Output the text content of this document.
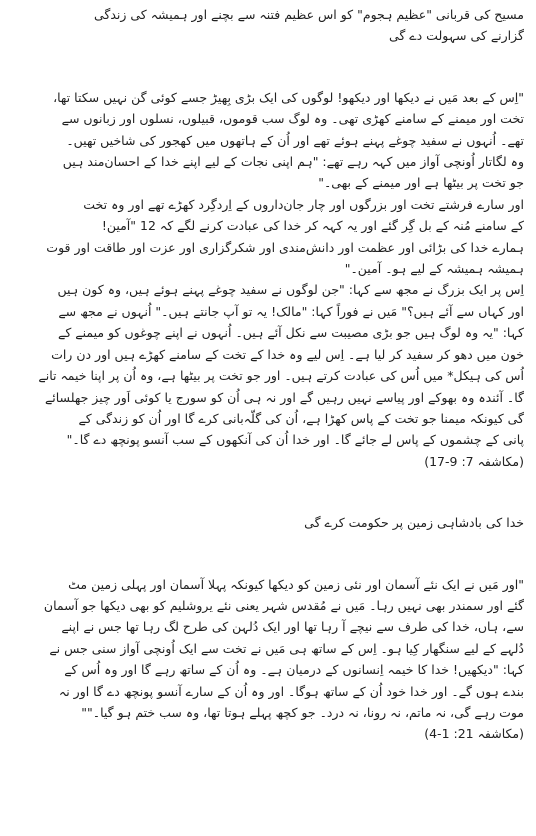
مسیح کی قربانی "عظیم ہجوم" کو اس عظیم فتنہ سے بچنے اور ہمیشہ کی زندگی
گزارنے کی سہولت دے گی
"اِس کے بعد مَیں نے دیکھا اور دیکھو! لوگوں کی ایک بڑی بِھیڑ جسے کوئی گن نہیں سکتا تھا،
تخت اور میمنے کے سامنے کھڑی تھی۔ وہ لوگ سب قوموں، قبیلوں، نسلوں اور زبانوں سے
تھے۔ اُنہوں نے سفید چوغے پہنے ہوئے تھے اور اُن کے ہاتھوں میں کھجور کی شاخیں تھیں۔
وہ لگاتار اُونچی آواز میں کہہ رہے تھے: "ہم اپنی نجات کے لیے اپنے خدا کے احسان‌مند ہیں
جو تخت پر بیٹھا ہے اور میمنے کے بھی۔"
اور سارے فرشتے تخت اور بزرگوں اور چار جان‌داروں کے اِردگِرد کھڑے تھے اور وہ تخت
کے سامنے مُنہ کے بل گِر گئے اور یہ کہہ کر خدا کی عبادت کرنے لگے کہ 12 "آمین!
ہمارے خدا کی بڑائی اور عظمت اور دانش‌مندی اور شکرگزاری اور عزت اور طاقت اور قوت
ہمیشہ ہمیشہ کے لیے ہو۔ آمین۔"
اِس پر ایک بزرگ نے مجھ سے کہا: "جن لوگوں نے سفید چوغے پہنے ہوئے ہیں، وہ کون ہیں
اور کہاں سے آئے ہیں؟" مَیں نے فوراً کہا: "مالک! یہ تو آپ جانتے ہیں۔" اُنہوں نے مجھ سے
کہا: "یہ وہ لوگ ہیں جو بڑی مصیبت سے نکل آئے ہیں۔ اُنہوں نے اپنے چوغوں کو میمنے کے
خون میں دھو کر سفید کر لیا ہے۔ اِس لیے وہ خدا کے تخت کے سامنے کھڑے ہیں اور دن رات
اُس کی ہیکل* میں اُس کی عبادت کرتے ہیں۔ اور جو تخت پر بیٹھا ہے، وہ اُن پر اپنا خیمہ تانے
گا۔ آئندہ وہ بھوکے اور پیاسے نہیں رہیں گے اور نہ ہی اُن کو سورج یا کوئی اَور چیز جھلسائے
گی کیونکہ میمنا جو تخت کے پاس کھڑا ہے، اُن کی گلّہ‌بانی کرے گا اور اُن کو زندگی کے
پانی کے چشموں کے پاس لے جائے گا۔ اور خدا اُن کی آنکھوں کے سب آنسو پونچھ دے گا۔"
(مکاشفہ 7: 9-17)
خدا کی بادشاہی زمین پر حکومت کرے گی
"اور مَیں نے ایک نئے آسمان اور نئی زمین کو دیکھا کیونکہ پہلا آسمان اور پہلی زمین مٹ
گئے اور سمندر بھی نہیں رہا۔ مَیں نے مُقدس شہر یعنی نئے یروشلیم کو بھی دیکھا جو آسمان
سے، ہاں، خدا کی طرف سے نیچے آ رہا تھا اور ایک دُلہن کی طرح لگ رہا تھا جس نے اپنے
دُلہے کے لیے سنگھار کِیا ہو۔ اِس کے ساتھ ہی مَیں نے تخت سے ایک اُونچی آواز سنی جس نے
کہا: "دیکھیں! خدا کا خیمہ اِنسانوں کے درمیان ہے۔ وہ اُن کے ساتھ رہے گا اور وہ اُس کے
بندے ہوں گے۔ اور خدا خود اُن کے ساتھ ہوگا۔ اور وہ اُن کے سارے آنسو پونچھ دے گا اور نہ
موت رہے گی، نہ ماتم، نہ رونا، نہ درد۔ جو کچھ پہلے ہوتا تھا، وہ سب ختم ہو گیا۔""
(مکاشفہ 21: 1-4)
